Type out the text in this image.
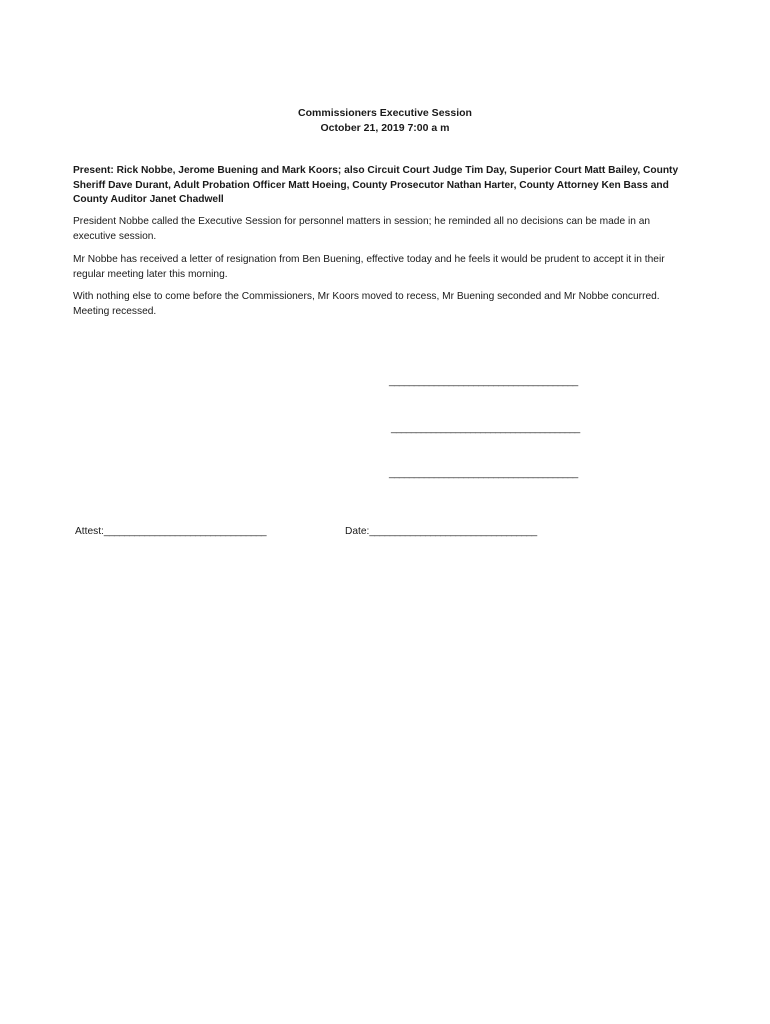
Commissioners Executive Session

October 21, 2019 7:00 a m

Present: Rick Nobbe, Jerome Buening and Mark Koors; also Circuit Court Judge Tim Day, Superior Court Matt Bailey, County Sheriff Dave Durant, Adult Probation Officer Matt Hoeing, County Prosecutor Nathan Harter, County Attorney Ken Bass and County Auditor Janet Chadwell

President Nobbe called the Executive Session for personnel matters in session; he reminded all no decisions can be made in an executive session.

Mr Nobbe has received a letter of resignation from Ben Buening, effective today and he feels it would be prudent to accept it in their regular meeting later this morning.

With nothing else to come before the Commissioners, Mr Koors moved to recess, Mr Buening seconded and Mr Nobbe concurred. Meeting recessed.

______________________________________
______________________________________
______________________________________
Attest:________________________________	Date:_________________________________
